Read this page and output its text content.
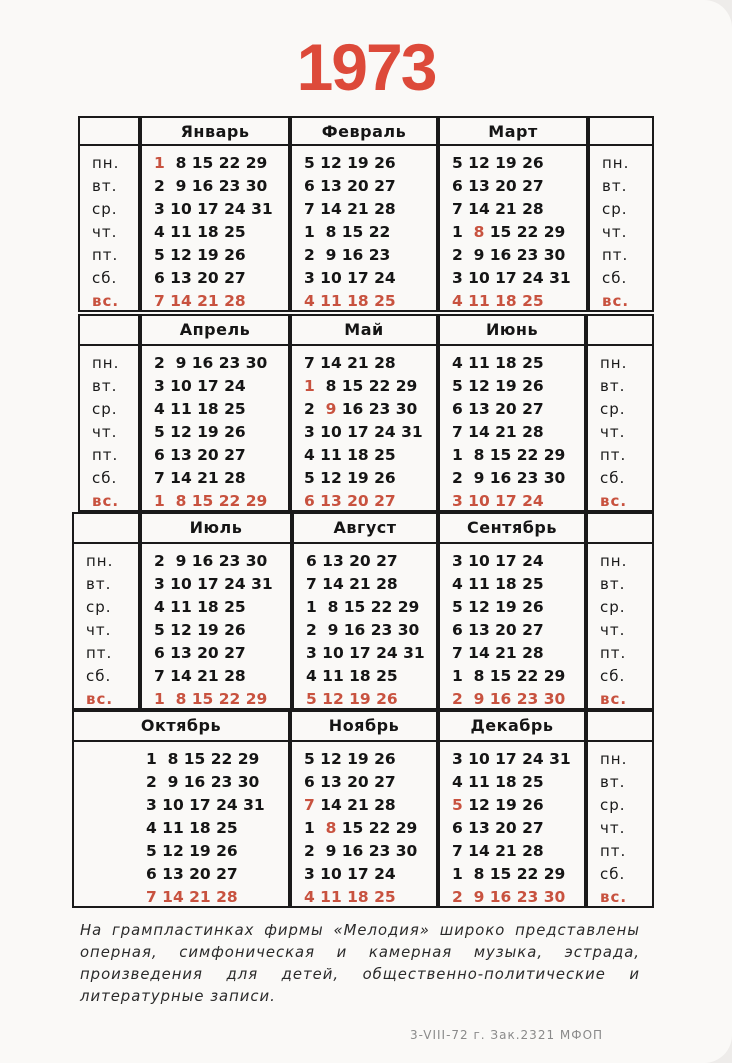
1973
Январь
1  8 15 22 29
2  9 16 23 30
3 10 17 24 31
4 11 18 25
5 12 19 26
6 13 20 27
7 14 21 28
Февраль
5 12 19 26
6 13 20 27
7 14 21 28
1  8 15 22
2  9 16 23
3 10 17 24
4 11 18 25
Март
5 12 19 26
6 13 20 27
7 14 21 28
1  8 15 22 29
2  9 16 23 30
3 10 17 24 31
4 11 18 25
пн.
вт.
ср.
чт.
пт.
сб.
вс.
пн.
вт.
ср.
чт.
пт.
сб.
вс.
Апрель
2  9 16 23 30
3 10 17 24
4 11 18 25
5 12 19 26
6 13 20 27
7 14 21 28
1  8 15 22 29
Май
7 14 21 28
1  8 15 22 29
2  9 16 23 30
3 10 17 24 31
4 11 18 25
5 12 19 26
6 13 20 27
Июнь
4 11 18 25
5 12 19 26
6 13 20 27
7 14 21 28
1  8 15 22 29
2  9 16 23 30
3 10 17 24
пн.
вт.
ср.
чт.
пт.
сб.
вс.
пн.
вт.
ср.
чт.
пт.
сб.
вс.
Июль
2  9 16 23 30
3 10 17 24 31
4 11 18 25
5 12 19 26
6 13 20 27
7 14 21 28
1  8 15 22 29
Август
6 13 20 27
7 14 21 28
1  8 15 22 29
2  9 16 23 30
3 10 17 24 31
4 11 18 25
5 12 19 26
Сентябрь
3 10 17 24
4 11 18 25
5 12 19 26
6 13 20 27
7 14 21 28
1  8 15 22 29
2  9 16 23 30
пн.
вт.
ср.
чт.
пт.
сб.
вс.
пн.
вт.
ср.
чт.
пт.
сб.
вс.
Октябрь
1  8 15 22 29
2  9 16 23 30
3 10 17 24 31
4 11 18 25
5 12 19 26
6 13 20 27
7 14 21 28
Ноябрь
5 12 19 26
6 13 20 27
7 14 21 28
1  8 15 22 29
2  9 16 23 30
3 10 17 24
4 11 18 25
Декабрь
3 10 17 24 31
4 11 18 25
5 12 19 26
6 13 20 27
7 14 21 28
1  8 15 22 29
2  9 16 23 30
пн.
вт.
ср.
чт.
пт.
сб.
вс.
На грампластинках фирмы «Мелодия» широко представлены оперная, симфоническая и камерная музыка, эстрада, произведения для детей, общественно-политические и литературные записи.
3-VIII-72 г. Зак.2321 МФОП
